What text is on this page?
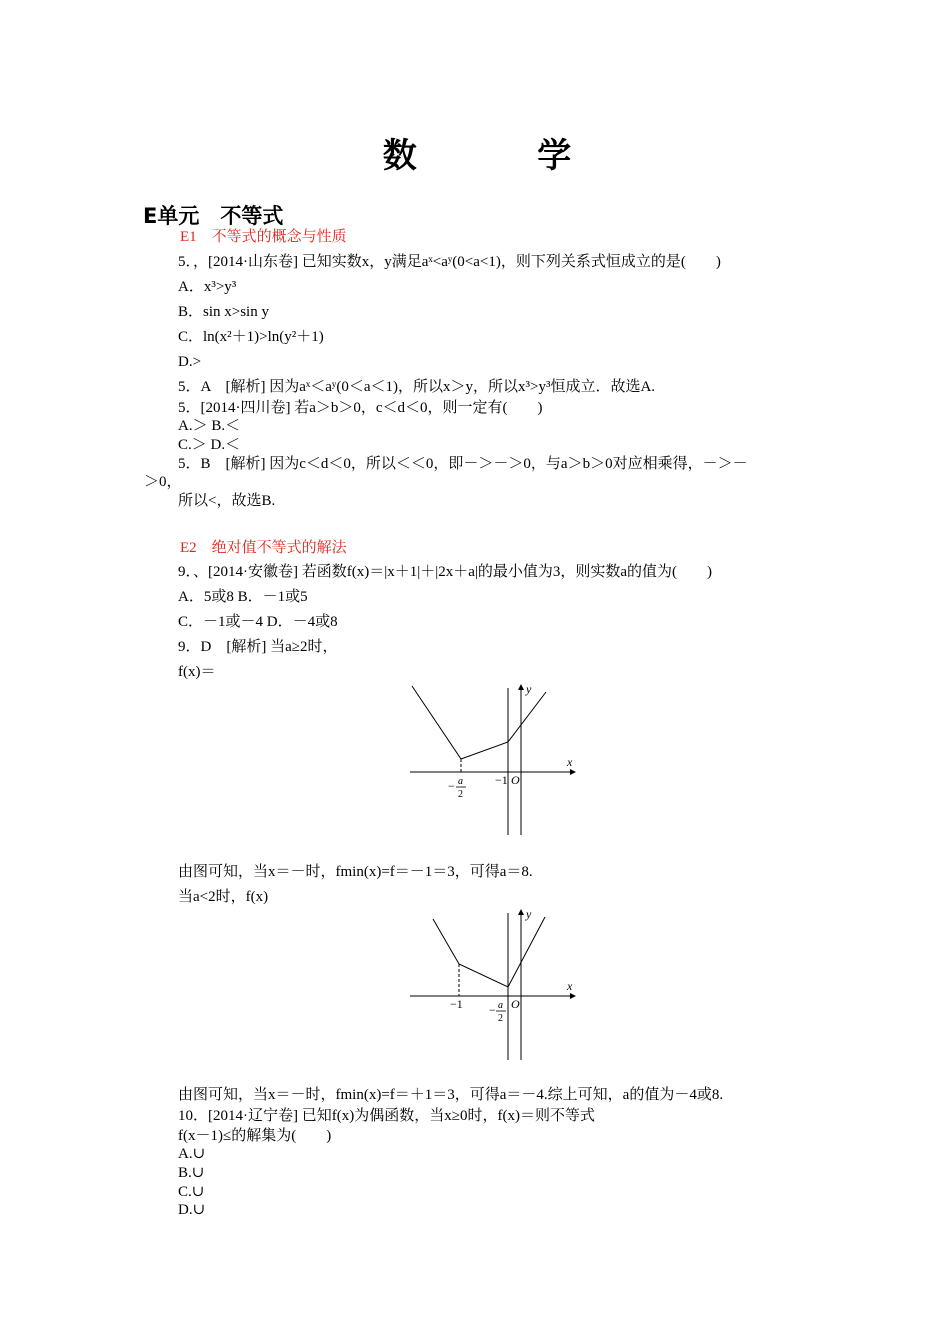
数 学
E单元　不等式
E1　不等式的概念与性质
5．，[2014·山东卷] 已知实数x，y满足aˣ<aʸ(0<a<1)，则下列关系式恒成立的是(　　)
A．x³>y³
B．sin x>sin y
C．ln(x²＋1)>ln(y²＋1)
D.>
5．A　[解析] 因为aˣ＜aʸ(0＜a＜1)，所以x＞y，所以x³>y³恒成立．故选A.
5．[2014·四川卷] 若a＞b＞0，c＜d＜0，则一定有(　　)
A.＞ B.＜
C.＞ D.＜
5．B　[解析] 因为c＜d＜0，所以＜＜0，即－＞－＞0，与a＞b＞0对应相乘得，－＞－
＞0，
所以<，故选B.
E2　绝对值不等式的解法
9．、[2014·安徽卷] 若函数f(x)＝|x＋1|＋|2x＋a|的最小值为3，则实数a的值为(　　)
A．5或8 B．－1或5
C．－1或－4 D．－4或8
9．D　[解析] 当a≥2时，
f(x)＝
x
y
O
−1
− a
2
由图可知，当x＝－时，fmin(x)=f＝－1＝3，可得a＝8.
当a<2时，f(x)
x
y
O
−1 − a
2
由图可知，当x＝－时，fmin(x)=f＝＋1＝3，可得a＝－4.综上可知，a的值为－4或8.
10．[2014·辽宁卷] 已知f(x)为偶函数，当x≥0时，f(x)＝则不等式
f(x－1)≤的解集为(　　)
A.∪
B.∪
C.∪
D.∪
